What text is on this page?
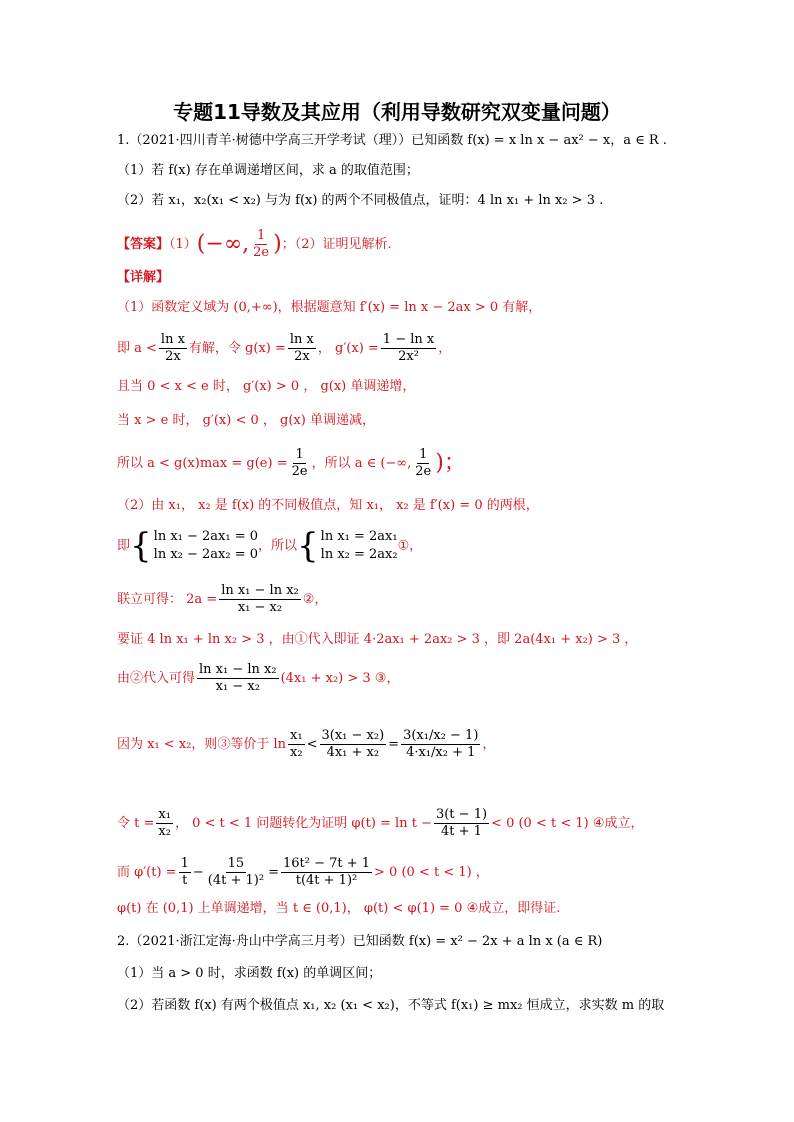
专题11导数及其应用（利用导数研究双变量问题）
1.（2021·四川青羊·树德中学高三开学考试（理））已知函数 f(x) = x ln x − ax² − x，a ∈ R .
（1）若 f(x) 存在单调递增区间，求 a 的取值范围；
（2）若 x₁，x₂(x₁ < x₂) 与为 f(x) 的两个不同极值点，证明：4 ln x₁ + ln x₂ > 3 .
【答案】（1）(−∞, $\frac{1}{2e}$ )；（2）证明见解析.
【详解】
（1）函数定义域为 (0,+∞)，根据题意知 f′(x) = ln x − 2ax > 0 有解，
即 $a < \frac{\text{ln x}}{2x}$ 有解，令 $g(x) = \frac{\text{ln x}}{2x}$ ， $g'(x) = \frac{\text{1 − ln x}}{\text{2x²}}$ ，
且当 0 < x < e 时， g′(x) > 0 ， g(x) 单调递增，
当 x > e 时， g′(x) < 0 ， g(x) 单调递减，
所以 $a < g(x)\max = g(e) = \frac{1}{2e}$ ，所以 a ∈ (−∞, $\frac{1}{2e}$ )；
（2）由 x₁， x₂ 是 f(x) 的不同极值点，知 x₁， x₂ 是 f′(x) = 0 的两根，
即{ ln x₁ − 2ax₁ = 0
ln x₂ − 2ax₂ = 0
，所以{ ln x₁ = 2ax₁
ln x₂ = 2ax₂
①，
联立可得： $2a = \frac{\text{ln x₁ − ln x₂}}{\text{x₁ − x₂}}$ ②，
要证 4 ln x₁ + ln x₂ > 3 ，由①代入即证 4·2ax₁ + 2ax₂ > 3 ，即 2a(4x₁ + x₂) > 3 ，
由②代入可得 $\frac{\text{ln x₁ − ln x₂}}{\text{x₁ − x₂}} (4x_1 + x_2) > 3$ ③，
因为 x₁ < x₂，则③等价于 $\ln \frac{\text{x₁}}{\text{x₂}} < \frac{\text{3(x₁ − x₂)}}{\text{4x₁ + x₂}} = \frac{\text{3(x₁/x₂ − 1)}}{\text{4·x₁/x₂ + 1}}$ ，
令 $t = \frac{\text{x₁}}{\text{x₂}}$ ， 0 < t < 1 问题转化为证明 $\varphi(t) = \ln t - \frac{3(t - 1)}{4t + 1} < 0$ (0 < t < 1) ④成立，
而 $\varphi'(t) = \frac{1}{t} - \frac{15}{\text{(4t + 1)²}} = \frac{\text{16t² − 7t + 1}}{\text{t(4t + 1)²}} > 0$ (0 < t < 1) ，
φ(t) 在 (0,1) 上单调递增，当 t ∈ (0,1)， φ(t) < φ(1) = 0 ④成立，即得证.
2.（2021·浙江定海·舟山中学高三月考）已知函数 f(x) = x² − 2x + a ln x (a ∈ R)
（1）当 a > 0 时，求函数 f(x) 的单调区间；
（2）若函数 f(x) 有两个极值点 x₁, x₂ (x₁ < x₂)，不等式 f(x₁) ≥ mx₂ 恒成立，求实数 m 的取
